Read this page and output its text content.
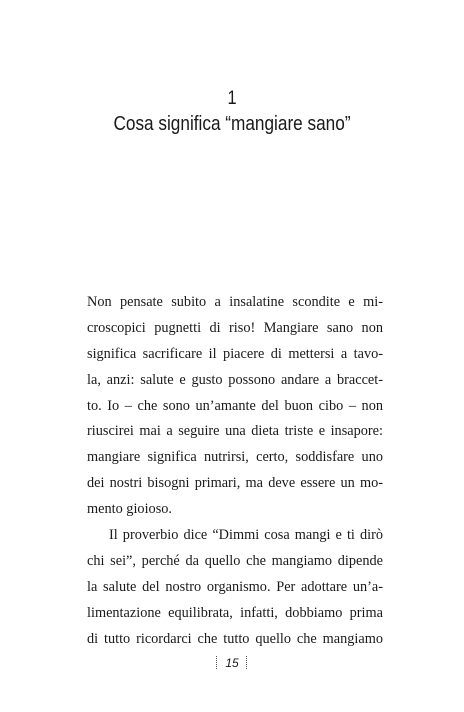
1
Cosa significa “mangiare sano”
Non pensate subito a insalatine scondite e mi-
croscopici pugnetti di riso! Mangiare sano non
significa sacrificare il piacere di mettersi a tavo-
la, anzi: salute e gusto possono andare a braccet-
to. Io – che sono un’amante del buon cibo – non
riuscirei mai a seguire una dieta triste e insapore:
mangiare significa nutrirsi, certo, soddisfare uno
dei nostri bisogni primari, ma deve essere un mo-
mento gioioso.
Il proverbio dice “Dimmi cosa mangi e ti dirò
chi sei”, perché da quello che mangiamo dipende
la salute del nostro organismo. Per adottare un’a-
limentazione equilibrata, infatti, dobbiamo prima
di tutto ricordarci che tutto quello che mangiamo
15
